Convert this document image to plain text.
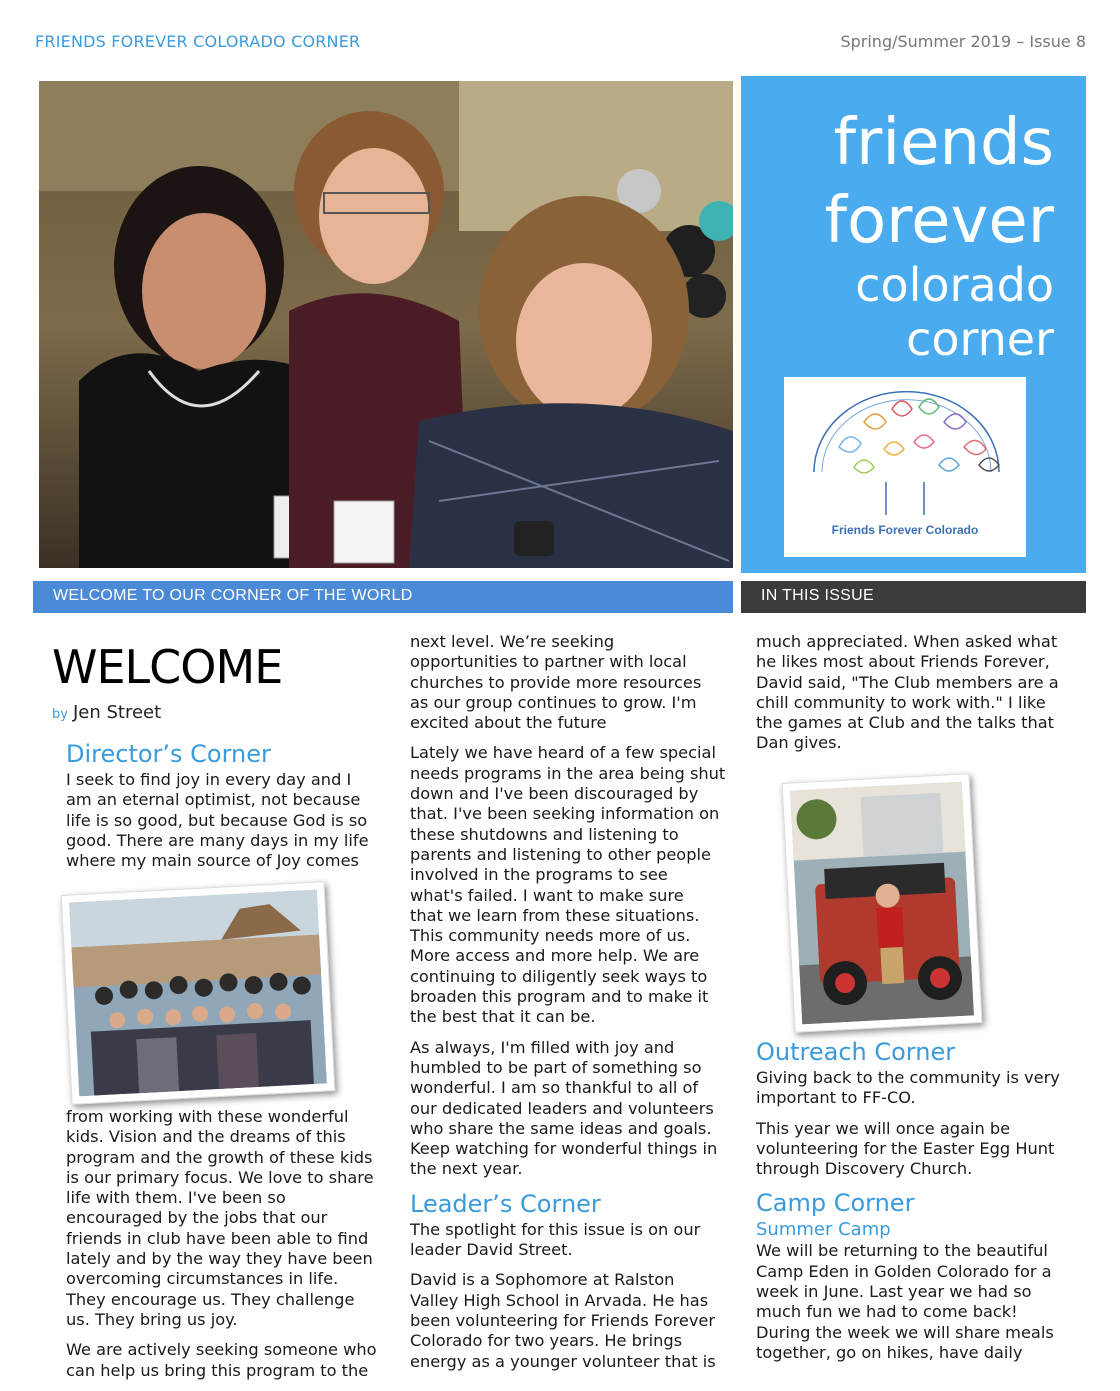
FRIENDS FOREVER COLORADO CORNER	Spring/Summer 2019 – Issue 8
friends
forever
colorado
corner
Friends Forever Colorado
WELCOME TO OUR CORNER OF THE WORLD	IN THIS ISSUE
WELCOME
by Jen Street
Director’s Corner

I seek to find joy in every day and I
am an eternal optimist, not because
life is so good, but because God is so
good. There are many days in my life
where my main source of Joy comes

from working with these wonderful
kids. Vision and the dreams of this
program and the growth of these kids
is our primary focus. We love to share
life with them. I've been so
encouraged by the jobs that our
friends in club have been able to find
lately and by the way they have been
overcoming circumstances in life.
They encourage us. They challenge
us. They bring us joy.

We are actively seeking someone who
can help us bring this program to the

next level. We’re seeking
opportunities to partner with local
churches to provide more resources
as our group continues to grow. I'm
excited about the future

Lately we have heard of a few special
needs programs in the area being shut
down and I've been discouraged by
that. I've been seeking information on
these shutdowns and listening to
parents and listening to other people
involved in the programs to see
what's failed. I want to make sure
that we learn from these situations.
This community needs more of us.
More access and more help. We are
continuing to diligently seek ways to
broaden this program and to make it
the best that it can be.

As always, I'm filled with joy and
humbled to be part of something so
wonderful. I am so thankful to all of
our dedicated leaders and volunteers
who share the same ideas and goals.
Keep watching for wonderful things in
the next year.

Leader’s Corner

The spotlight for this issue is on our
leader David Street.

David is a Sophomore at Ralston
Valley High School in Arvada. He has
been volunteering for Friends Forever
Colorado for two years. He brings
energy as a younger volunteer that is

much appreciated. When asked what
he likes most about Friends Forever,
David said, "The Club members are a
chill community to work with." I like
the games at Club and the talks that
Dan gives.

Outreach Corner

Giving back to the community is very
important to FF-CO.

This year we will once again be
volunteering for the Easter Egg Hunt
through Discovery Church.

Camp Corner
Summer Camp

We will be returning to the beautiful
Camp Eden in Golden Colorado for a
week in June. Last year we had so
much fun we had to come back!
During the week we will share meals
together, go on hikes, have daily
